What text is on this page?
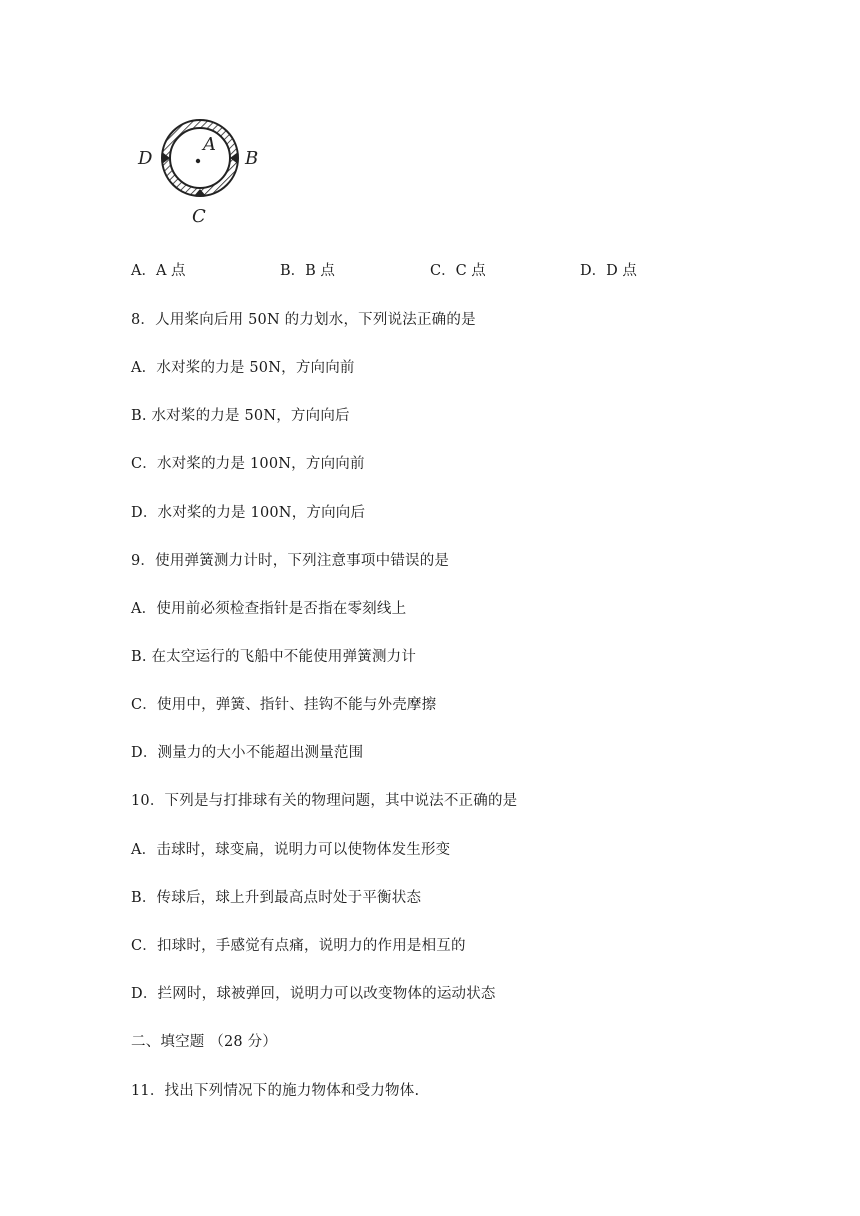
A
B
C
D
A．A 点	B．B 点	C．C 点	D．D 点
8．人用桨向后用 50N 的力划水，下列说法正确的是
A．水对桨的力是 50N，方向向前
B. 水对桨的力是 50N，方向向后
C．水对桨的力是 100N，方向向前
D．水对桨的力是 100N，方向向后
9．使用弹簧测力计时，下列注意事项中错误的是
A．使用前必须检查指针是否指在零刻线上
B. 在太空运行的飞船中不能使用弹簧测力计
C．使用中，弹簧、指针、挂钩不能与外壳摩擦
D．测量力的大小不能超出测量范围
10．下列是与打排球有关的物理问题，其中说法不正确的是
A．击球时，球变扁，说明力可以使物体发生形变
B．传球后，球上升到最高点时处于平衡状态
C．扣球时，手感觉有点痛，说明力的作用是相互的
D．拦网时，球被弹回，说明力可以改变物体的运动状态
二、填空题 （28 分）
11．找出下列情况下的施力物体和受力物体.
